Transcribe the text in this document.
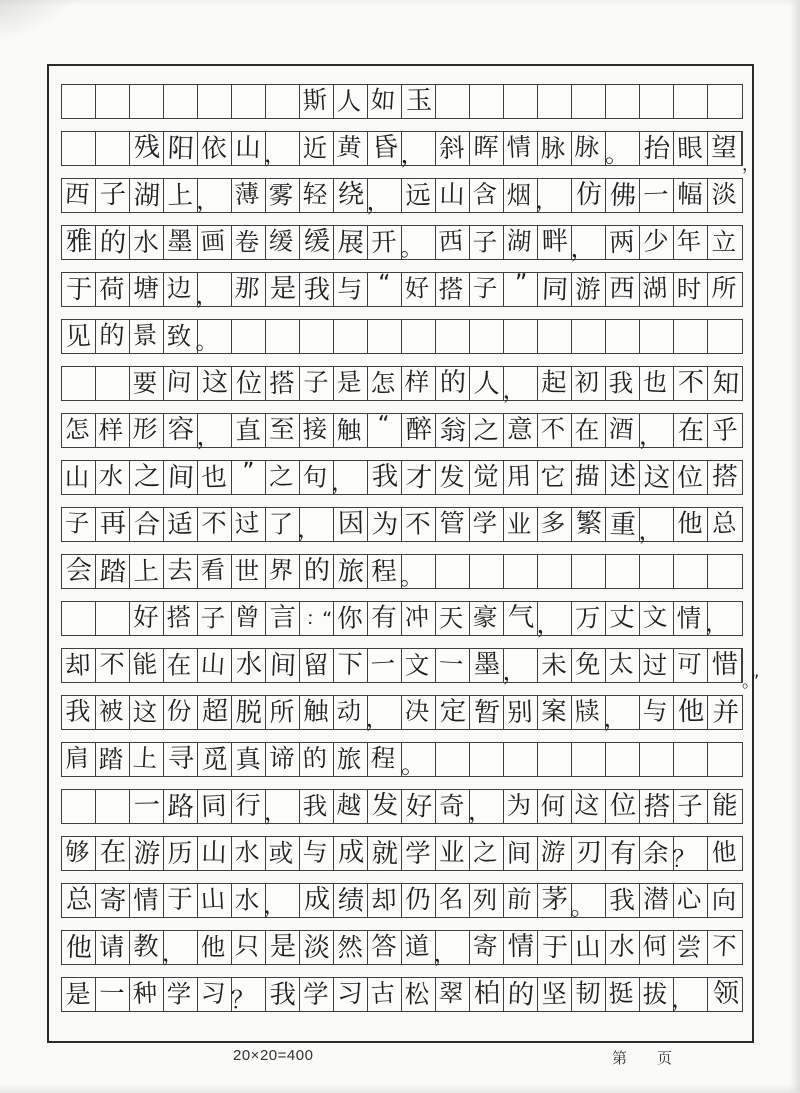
斯 人 如 玉
残 阳 依 山 ， 近 黄 昏 ， 斜 晖 情 脉 脉 。 抬 眼 望
，
西 子 湖 上 ， 薄 雾 轻 绕 ， 远 山 含 烟 ， 仿 佛 一 幅 淡
雅 的 水 墨 画 卷 缓 缓 展 开 。 西 子 湖 畔 ， 两 少 年 立
于 荷 塘 边 ， 那 是 我 与 “ 好 搭 子 ” 同 游 西 湖 时 所
见 的 景 致 。
要 问 这 位 搭 子 是 怎 样 的 人 ， 起 初 我 也 不 知
怎 样 形 容 ， 直 至 接 触 “ 醉 翁 之 意 不 在 酒 ， 在 乎
山 水 之 间 也 ” 之 句 ， 我 才 发 觉 用 它 描 述 这 位 搭
子 再 合 适 不 过 了 ， 因 为 不 管 学 业 多 繁 重 ， 他 总
会 踏 上 去 看 世 界 的 旅 程 。
好 搭 子 曾 言 ：“ 你 有 冲 天 豪 气 ， 万 丈 文 情 ，
却 不 能 在 山 水 间 留 下 一 文 一 墨 ， 未 免 太 过 可 惜
。”
我 被 这 份 超 脱 所 触 动 ， 决 定 暂 别 案 牍 ， 与 他 并
肩 踏 上 寻 觅 真 谛 的 旅 程 。
一 路 同 行 ， 我 越 发 好 奇 ， 为 何 这 位 搭 子 能
够 在 游 历 山 水 或 与 成 就 学 业 之 间 游 刃 有 余 ？ 他
总 寄 情 于 山 水 ， 成 绩 却 仍 名 列 前 茅 。 我 潜 心 向
他 请 教 ， 他 只 是 淡 然 答 道 ， 寄 情 于 山 水 何 尝 不
是 一 种 学 习 ？ 我 学 习 古 松 翠 柏 的 坚 韧 挺 拔 ， 领
20×20=400	第 页
